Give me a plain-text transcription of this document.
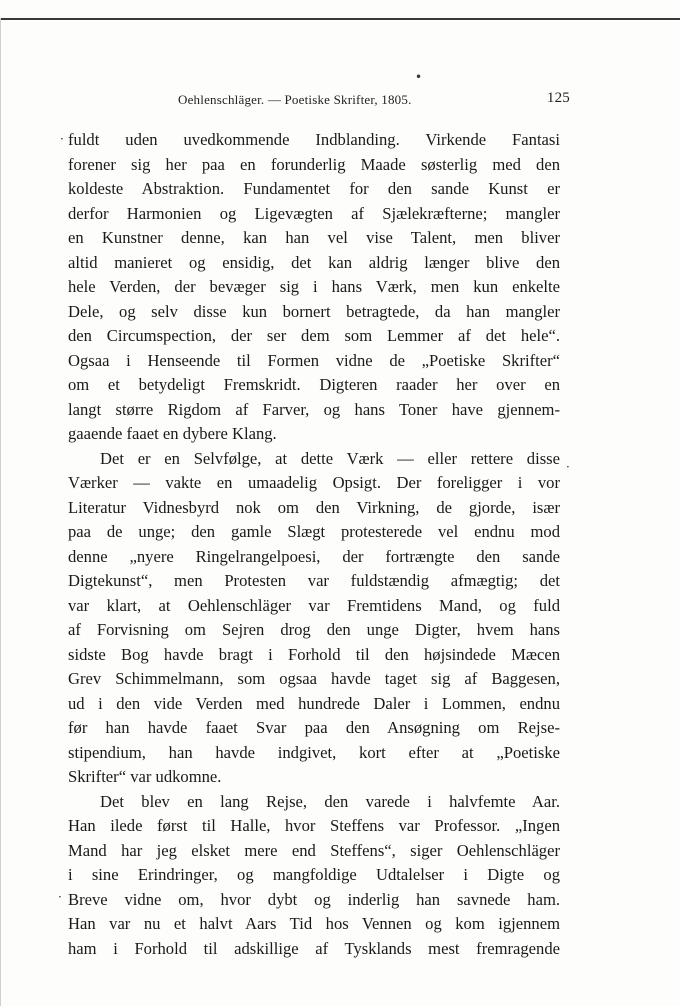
Oehlenschläger. — Poetiske Skrifter, 1805.	125
•
·
·
·
fuldt uden uvedkommende Indblanding. Virkende Fantasi
forener sig her paa en forunderlig Maade søsterlig med den
koldeste Abstraktion. Fundamentet for den sande Kunst er
derfor Harmonien og Ligevægten af Sjælekræfterne; mangler
en Kunstner denne, kan han vel vise Talent, men bliver
altid manieret og ensidig, det kan aldrig længer blive den
hele Verden, der bevæger sig i hans Værk, men kun enkelte
Dele, og selv disse kun bornert betragtede, da han mangler
den Circumspection, der ser dem som Lemmer af det hele“.
Ogsaa i Henseende til Formen vidne de „Poetiske Skrifter“
om et betydeligt Fremskridt. Digteren raader her over en
langt større Rigdom af Farver, og hans Toner have gjennem-
gaaende faaet en dybere Klang.
Det er en Selvfølge, at dette Værk — eller rettere disse
Værker — vakte en umaadelig Opsigt. Der foreligger i vor
Literatur Vidnesbyrd nok om den Virkning, de gjorde, især
paa de unge; den gamle Slægt protesterede vel endnu mod
denne „nyere Ringelrangelpoesi, der fortrængte den sande
Digtekunst“, men Protesten var fuldstændig afmægtig; det
var klart, at Oehlenschläger var Fremtidens Mand, og fuld
af Forvisning om Sejren drog den unge Digter, hvem hans
sidste Bog havde bragt i Forhold til den højsindede Mæcen
Grev Schimmelmann, som ogsaa havde taget sig af Baggesen,
ud i den vide Verden med hundrede Daler i Lommen, endnu
før han havde faaet Svar paa den Ansøgning om Rejse-
stipendium, han havde indgivet, kort efter at „Poetiske
Skrifter“ var udkomne.
Det blev en lang Rejse, den varede i halvfemte Aar.
Han ilede først til Halle, hvor Steffens var Professor. „Ingen
Mand har jeg elsket mere end Steffens“, siger Oehlenschläger
i sine Erindringer, og mangfoldige Udtalelser i Digte og
Breve vidne om, hvor dybt og inderlig han savnede ham.
Han var nu et halvt Aars Tid hos Vennen og kom igjennem
ham i Forhold til adskillige af Tysklands mest fremragende
